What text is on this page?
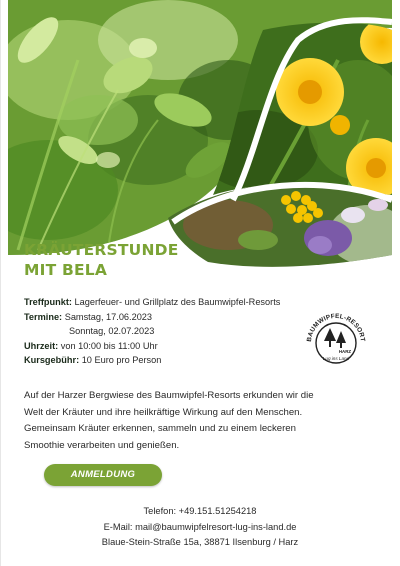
KRÄUTERSTUNDE
MIT BELA
Treffpunkt: Lagerfeuer- und Grillplatz des Baumwipfel-Resorts
Termine: Samstag, 17.06.2023
Sonntag, 02.07.2023
Uhrzeit: von 10:00 bis 11:00 Uhr
Kursgebühr: 10 Euro pro Person
BAUMWIPFEL-RESORT
HARZ
Lug ins Land
Auf der Harzer Bergwiese des Baumwipfel-Resorts erkunden wir die
Welt der Kräuter und ihre heilkräftige Wirkung auf den Menschen.
Gemeinsam Kräuter erkennen, sammeln und zu einem leckeren
Smoothie verarbeiten und genießen.
ANMELDUNG
Telefon: +49.151.51254218
E-Mail: mail@baumwipfelresort-lug-ins-land.de
Blaue-Stein-Straße 15a, 38871 Ilsenburg / Harz
